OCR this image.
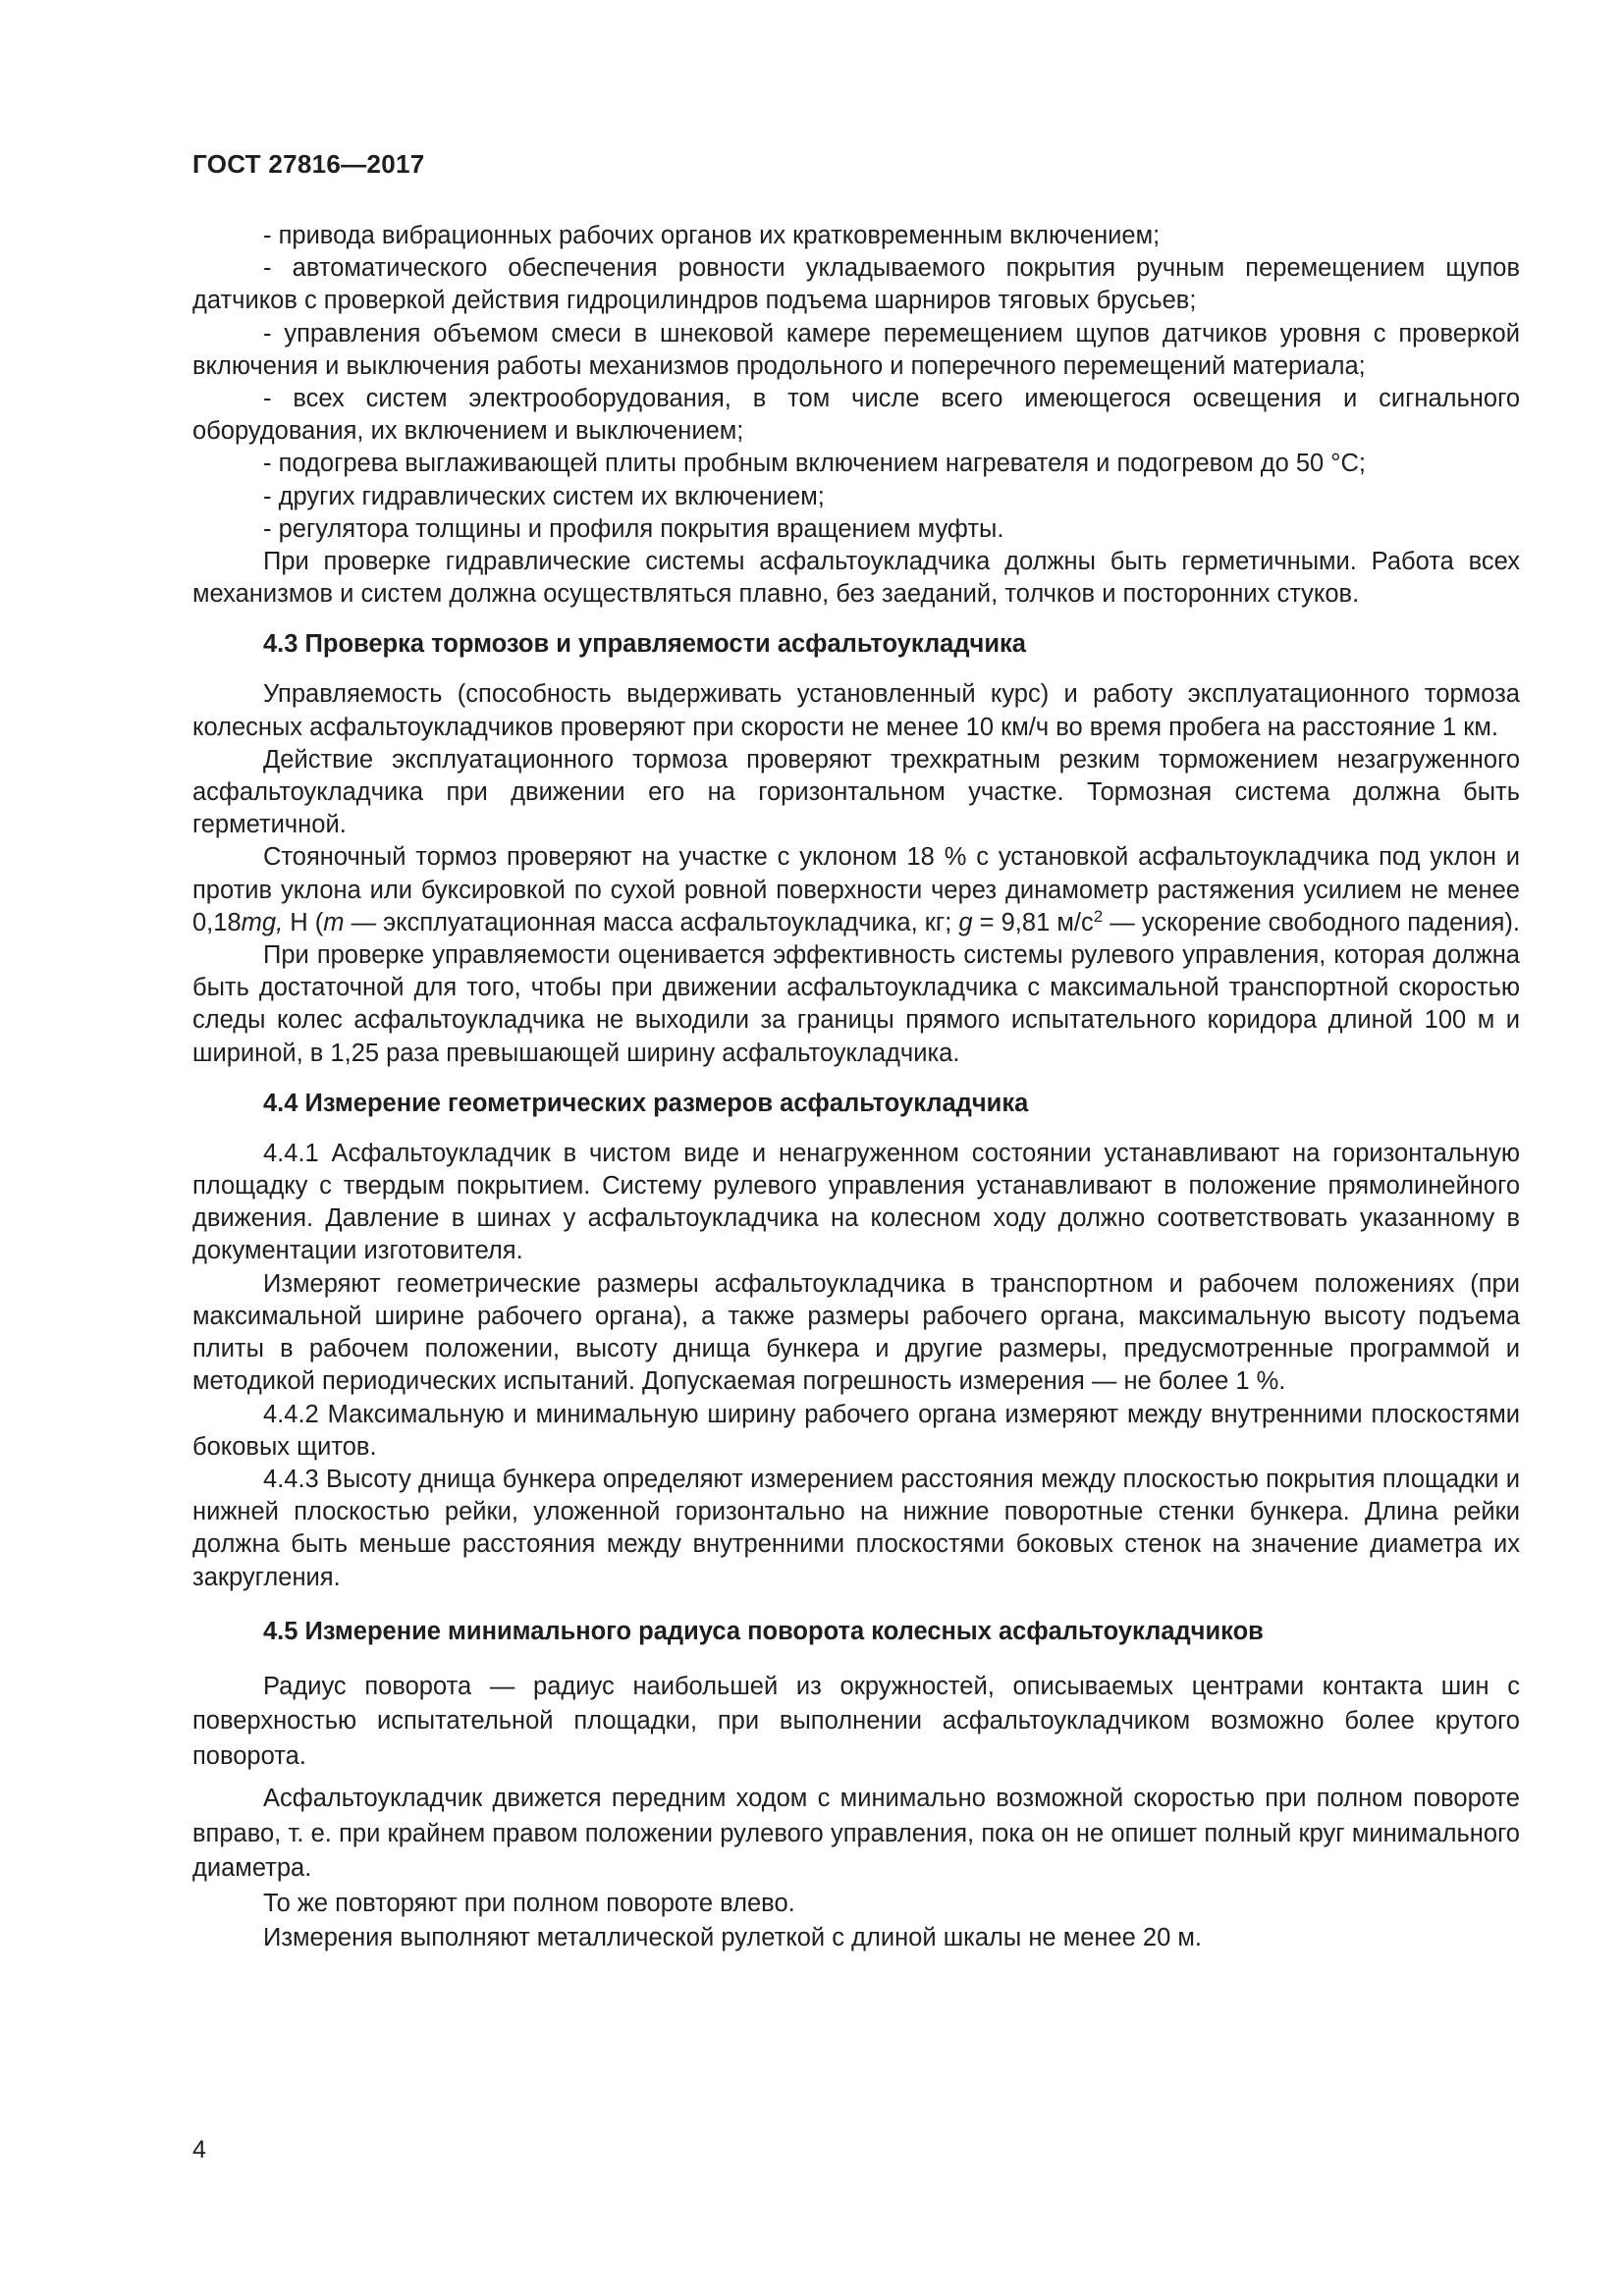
ГОСТ 27816—2017

- привода вибрационных рабочих органов их кратковременным включением;

- автоматического обеспечения ровности укладываемого покрытия ручным перемещением щупов датчиков с проверкой действия гидроцилиндров подъема шарниров тяговых брусьев;

- управления объемом смеси в шнековой камере перемещением щупов датчиков уровня с проверкой включения и выключения работы механизмов продольного и поперечного перемещений материала;

- всех систем электрооборудования, в том числе всего имеющегося освещения и сигнального оборудования, их включением и выключением;

- подогрева выглаживающей плиты пробным включением нагревателя и подогревом до 50 °С;

- других гидравлических систем их включением;

- регулятора толщины и профиля покрытия вращением муфты.

При проверке гидравлические системы асфальтоукладчика должны быть герметичными. Работа всех механизмов и систем должна осуществляться плавно, без заеданий, толчков и посторонних стуков.

4.3 Проверка тормозов и управляемости асфальтоукладчика

Управляемость (способность выдерживать установленный курс) и работу эксплуатационного тормоза колесных асфальтоукладчиков проверяют при скорости не менее 10 км/ч во время пробега на расстояние 1 км.

Действие эксплуатационного тормоза проверяют трехкратным резким торможением незагруженного асфальтоукладчика при движении его на горизонтальном участке. Тормозная система должна быть герметичной.

Стояночный тормоз проверяют на участке с уклоном 18 % с установкой асфальтоукладчика под уклон и против уклона или буксировкой по сухой ровной поверхности через динамометр растяжения усилием не менее 0,18mg, Н (m — эксплуатационная масса асфальтоукладчика, кг; g = 9,81 $м/с^2$ — ускорение свободного падения).

При проверке управляемости оценивается эффективность системы рулевого управления, которая должна быть достаточной для того, чтобы при движении асфальтоукладчика с максимальной транспортной скоростью следы колес асфальтоукладчика не выходили за границы прямого испытательного коридора длиной 100 м и шириной, в 1,25 раза превышающей ширину асфальтоукладчика.

4.4 Измерение геометрических размеров асфальтоукладчика

4.4.1 Асфальтоукладчик в чистом виде и ненагруженном состоянии устанавливают на горизонтальную площадку с твердым покрытием. Систему рулевого управления устанавливают в положение прямолинейного движения. Давление в шинах у асфальтоукладчика на колесном ходу должно соответствовать указанному в документации изготовителя.

Измеряют геометрические размеры асфальтоукладчика в транспортном и рабочем положениях (при максимальной ширине рабочего органа), а также размеры рабочего органа, максимальную высоту подъема плиты в рабочем положении, высоту днища бункера и другие размеры, предусмотренные программой и методикой периодических испытаний. Допускаемая погрешность измерения — не более 1 %.

4.4.2 Максимальную и минимальную ширину рабочего органа измеряют между внутренними плоскостями боковых щитов.

4.4.3 Высоту днища бункера определяют измерением расстояния между плоскостью покрытия площадки и нижней плоскостью рейки, уложенной горизонтально на нижние поворотные стенки бункера. Длина рейки должна быть меньше расстояния между внутренними плоскостями боковых стенок на значение диаметра их закругления.

4.5 Измерение минимального радиуса поворота колесных асфальтоукладчиков

Радиус поворота — радиус наибольшей из окружностей, описываемых центрами контакта шин с поверхностью испытательной площадки, при выполнении асфальтоукладчиком возможно более крутого поворота.

Асфальтоукладчик движется передним ходом с минимально возможной скоростью при полном повороте вправо, т. е. при крайнем правом положении рулевого управления, пока он не опишет полный круг минимального диаметра.

То же повторяют при полном повороте влево.

Измерения выполняют металлической рулеткой с длиной шкалы не менее 20 м.

4
